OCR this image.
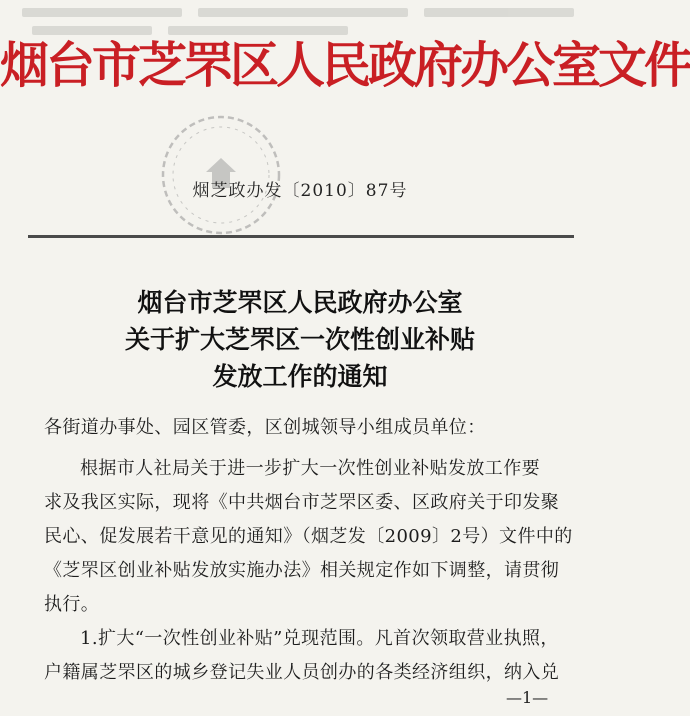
烟台市芝罘区人民政府办公室文件
烟芝政办发〔2010〕87号
烟台市芝罘区人民政府办公室
关于扩大芝罘区一次性创业补贴
发放工作的通知
各街道办事处、园区管委，区创城领导小组成员单位：
根据市人社局关于进一步扩大一次性创业补贴发放工作要
求及我区实际，现将《中共烟台市芝罘区委、区政府关于印发聚
民心、促发展若干意见的通知》（烟芝发〔2009〕2号）文件中的
《芝罘区创业补贴发放实施办法》相关规定作如下调整，请贯彻
执行。
1.扩大“一次性创业补贴”兑现范围。凡首次领取营业执照，
户籍属芝罘区的城乡登记失业人员创办的各类经济组织，纳入兑
—1—
